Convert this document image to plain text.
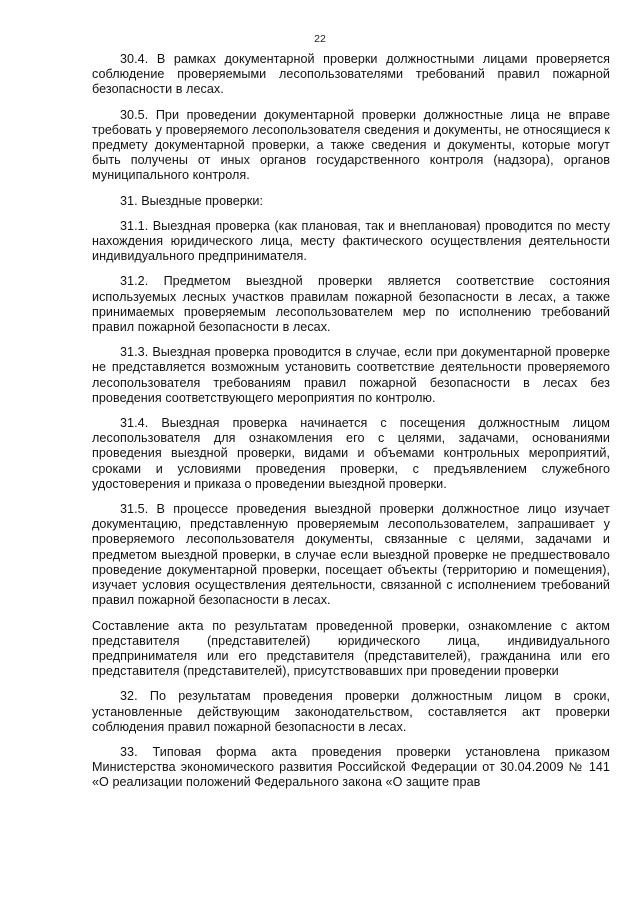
22

30.4. В рамках документарной проверки должностными лицами проверяется соблюдение проверяемыми лесопользователями требований правил пожарной безопасности в лесах.

30.5. При проведении документарной проверки должностные лица не вправе требовать у проверяемого лесопользователя сведения и документы, не относящиеся к предмету документарной проверки, а также сведения и документы, которые могут быть получены от иных органов государственного контроля (надзора), органов муниципального контроля.

31. Выездные проверки:

31.1. Выездная проверка (как плановая, так и внеплановая) проводится по месту нахождения юридического лица, месту фактического осуществления деятельности индивидуального предпринимателя.

31.2. Предметом выездной проверки является соответствие состояния используемых лесных участков правилам пожарной безопасности в лесах, а также принимаемых проверяемым лесопользователем мер по исполнению требований правил пожарной безопасности в лесах.

31.3. Выездная проверка проводится в случае, если при документарной проверке не представляется возможным установить соответствие деятельности проверяемого лесопользователя требованиям правил пожарной безопасности в лесах без проведения соответствующего мероприятия по контролю.

31.4. Выездная проверка начинается с посещения должностным лицом лесопользователя для ознакомления его с целями, задачами, основаниями проведения выездной проверки, видами и объемами контрольных мероприятий, сроками и условиями проведения проверки, с предъявлением служебного удостоверения и приказа о проведении выездной проверки.

31.5. В процессе проведения выездной проверки должностное лицо изучает документацию, представленную проверяемым лесопользователем, запрашивает у проверяемого лесопользователя документы, связанные с целями, задачами и предметом выездной проверки, в случае если выездной проверке не предшествовало проведение документарной проверки, посещает объекты (территорию и помещения), изучает условия осуществления деятельности, связанной с исполнением требований правил пожарной безопасности в лесах.

Составление акта по результатам проведенной проверки, ознакомление с актом представителя (представителей) юридического лица, индивидуального предпринимателя или его представителя (представителей), гражданина или его представителя (представителей), присутствовавших при проведении проверки

32. По результатам проведения проверки должностным лицом в сроки, установленные действующим законодательством, составляется акт проверки соблюдения правил пожарной безопасности в лесах.

33. Типовая форма акта проведения проверки установлена приказом Министерства экономического развития Российской Федерации от 30.04.2009 № 141 «О реализации положений Федерального закона «О защите прав
